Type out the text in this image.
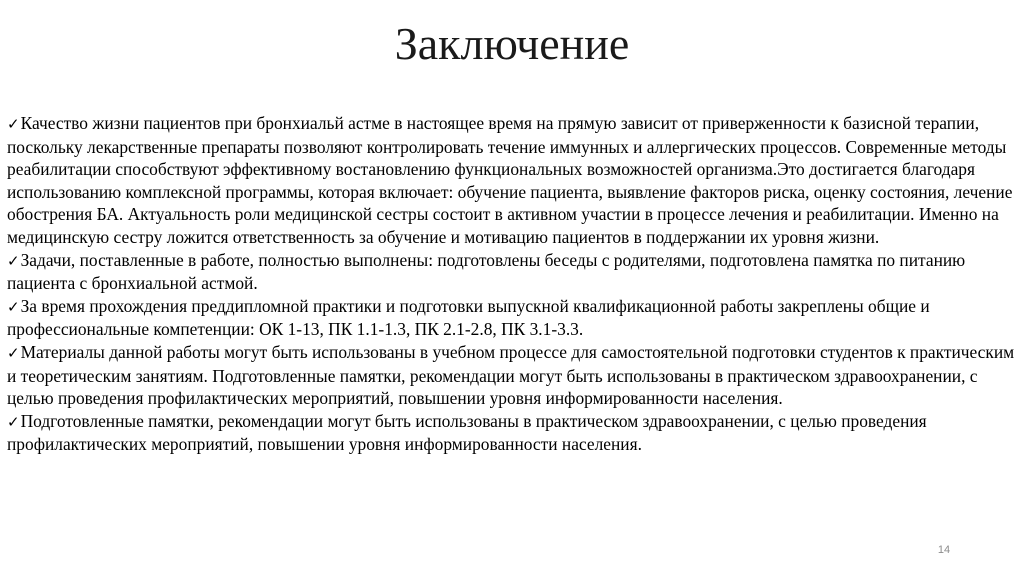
Заключение
✓Качество жизни пациентов при бронхиальй астме в настоящее время на прямую зависит от приверженности к базисной терапии, поскольку лекарственные препараты позволяют контролировать течение иммунных и аллергических процессов. Современные методы реабилитации способствуют эффективному востановлению функциональных возможностей организма.Это достигается благодаря использованию комплексной программы, которая включает: обучение пациента, выявление факторов риска, оценку состояния, лечение обострения БА. Актуальность роли медицинской сестры состоит в активном участии в процессе лечения и реабилитации. Именно на медицинскую сестру ложится ответственность за обучение и мотивацию пациентов в поддержании их уровня жизни.
✓Задачи, поставленные в работе, полностью выполнены: подготовлены беседы с родителями, подготовлена памятка по питанию пациента с бронхиальной астмой.
✓За время прохождения преддипломной практики и подготовки выпускной квалификационной работы закреплены общие и профессиональные компетенции: ОК 1-13, ПК 1.1-1.3, ПК 2.1-2.8, ПК 3.1-3.3.
✓Материалы данной работы могут быть использованы в учебном процессе для самостоятельной подготовки студентов к практическим и теоретическим занятиям. Подготовленные памятки, рекомендации могут быть использованы в практическом здравоохранении, с целью проведения профилактических мероприятий, повышении уровня информированности населения.
✓Подготовленные памятки, рекомендации могут быть использованы в практическом здравоохранении, с целью проведения профилактических мероприятий, повышении уровня информированности населения.
14
